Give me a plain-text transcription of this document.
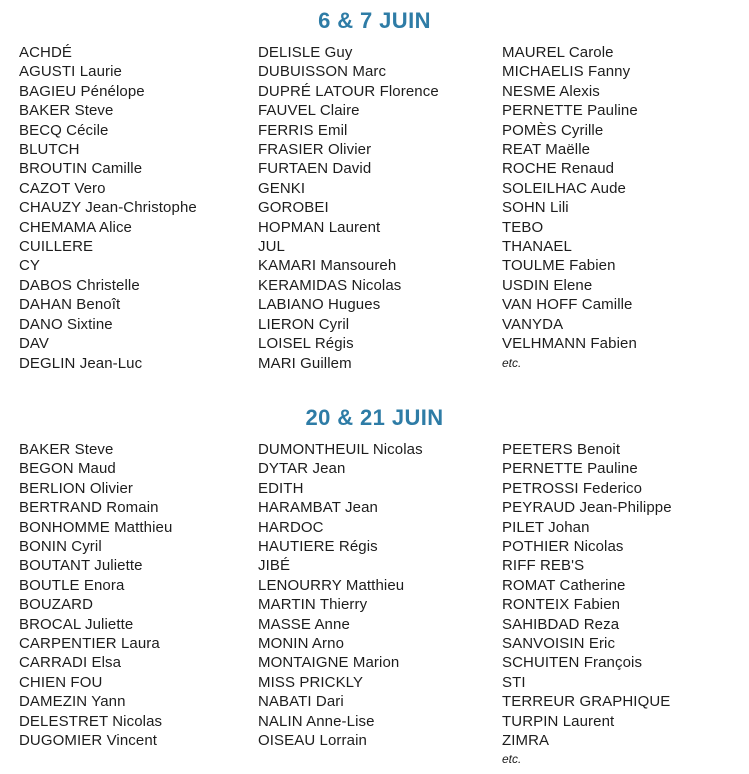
6 & 7 JUIN
ACHDÉ
AGUSTI Laurie
BAGIEU Pénélope
BAKER Steve
BECQ Cécile
BLUTCH
BROUTIN Camille
CAZOT Vero
CHAUZY Jean-Christophe
CHEMAMA Alice
CUILLERE
CY
DABOS Christelle
DAHAN Benoît
DANO Sixtine
DAV
DEGLIN Jean-Luc
DELISLE Guy
DUBUISSON Marc
DUPRÉ LATOUR Florence
FAUVEL Claire
FERRIS Emil
FRASIER Olivier
FURTAEN David
GENKI
GOROBEI
HOPMAN Laurent
JUL
KAMARI Mansoureh
KERAMIDAS Nicolas
LABIANO Hugues
LIERON Cyril
LOISEL Régis
MARI Guillem
MAUREL Carole
MICHAELIS Fanny
NESME Alexis
PERNETTE Pauline
POMÈS Cyrille
REAT Maëlle
ROCHE Renaud
SOLEILHAC Aude
SOHN Lili
TEBO
THANAEL
TOULME Fabien
USDIN Elene
VAN HOFF Camille
VANYDA
VELHMANN Fabien
etc.
20 & 21 JUIN
BAKER Steve
BEGON Maud
BERLION Olivier
BERTRAND Romain
BONHOMME Matthieu
BONIN Cyril
BOUTANT Juliette
BOUTLE Enora
BOUZARD
BROCAL Juliette
CARPENTIER Laura
CARRADI Elsa
CHIEN FOU
DAMEZIN Yann
DELESTRET Nicolas
DUGOMIER Vincent
DUMONTHEUIL Nicolas
DYTAR Jean
EDITH
HARAMBAT Jean
HARDOC
HAUTIERE Régis
JIBÉ
LENOURRY Matthieu
MARTIN Thierry
MASSE Anne
MONIN Arno
MONTAIGNE Marion
MISS PRICKLY
NABATI Dari
NALIN Anne-Lise
OISEAU Lorrain
PEETERS Benoit
PERNETTE Pauline
PETROSSI Federico
PEYRAUD Jean-Philippe
PILET Johan
POTHIER Nicolas
RIFF REB'S
ROMAT Catherine
RONTEIX Fabien
SAHIBDAD Reza
SANVOISIN Eric
SCHUITEN François
STI
TERREUR GRAPHIQUE
TURPIN Laurent
ZIMRA
etc.
